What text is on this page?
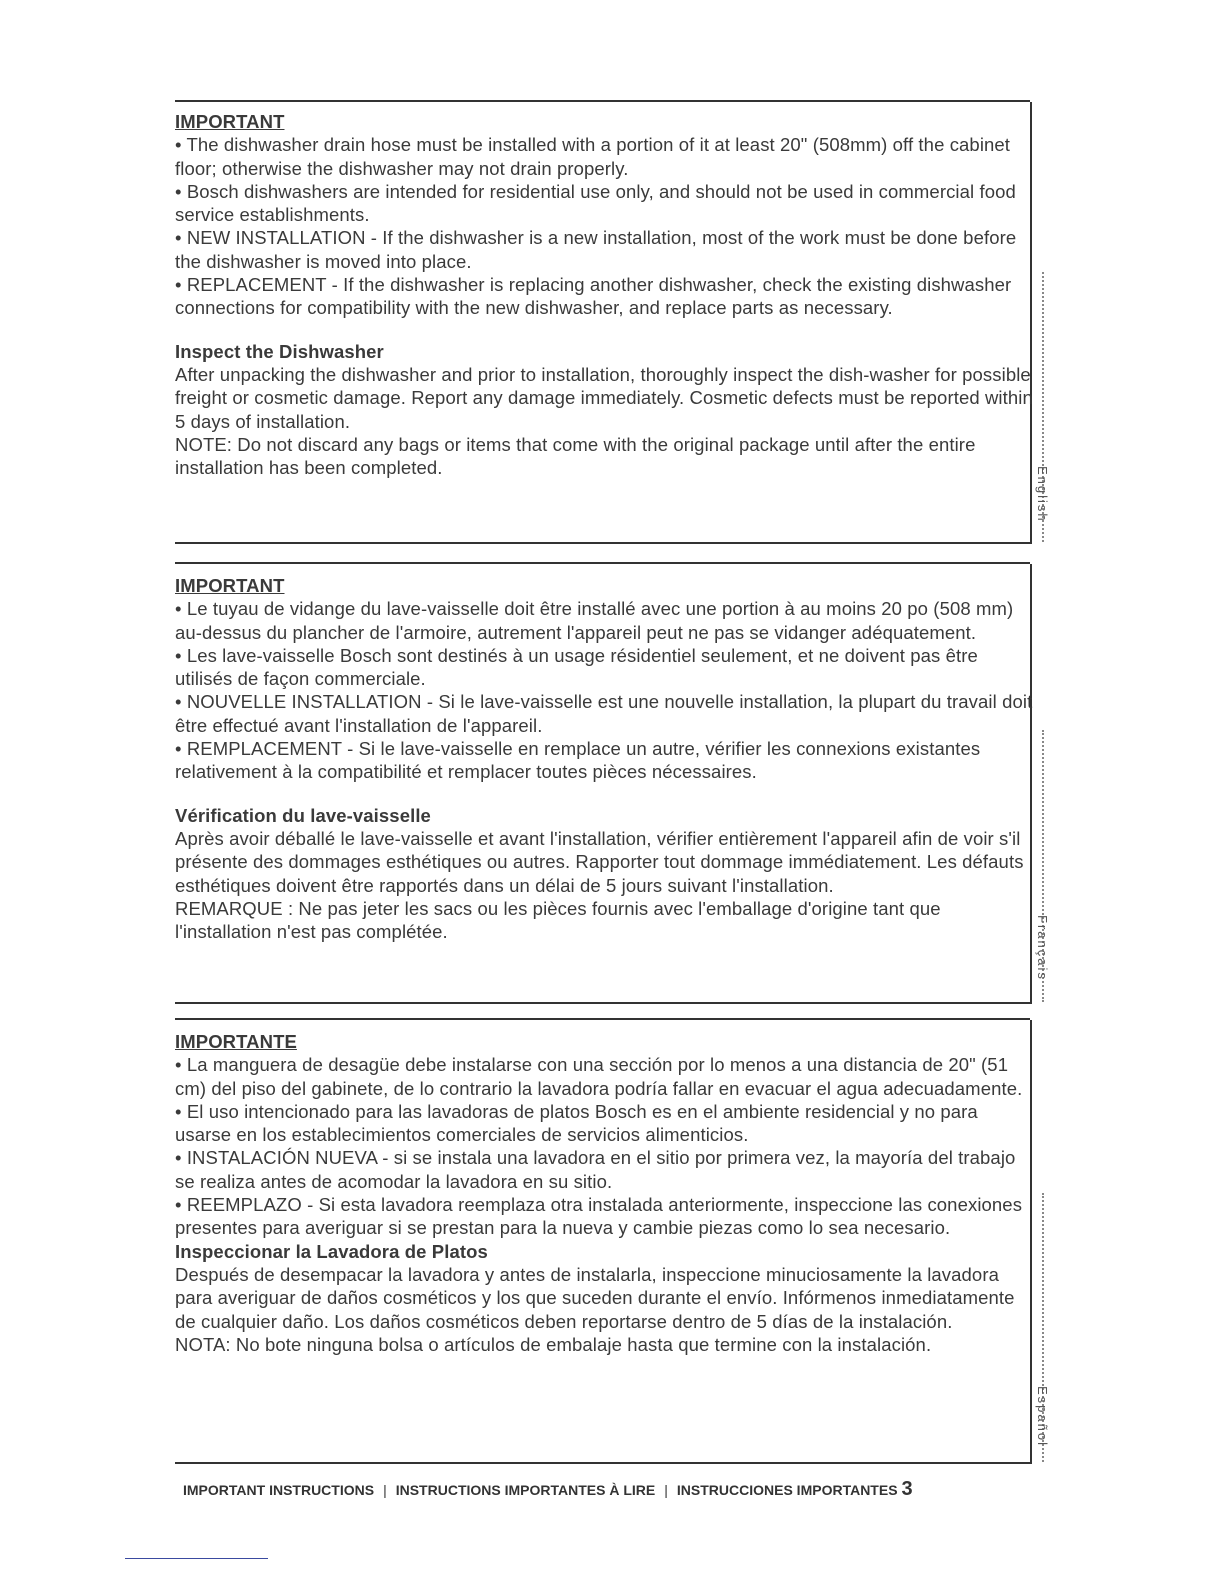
English

IMPORTANT

• The dishwasher drain hose must be installed with a portion of it at least 20" (508mm) off the cabinet floor; otherwise the dishwasher may not drain properly.

• Bosch dishwashers are intended for residential use only, and should not be used in commercial food service establishments.

• NEW INSTALLATION - If the dishwasher is a new installation, most of the work must be done before the dishwasher is moved into place.

• REPLACEMENT - If the dishwasher is replacing another dishwasher, check the existing dishwasher connections for compatibility with the new dishwasher, and replace parts as necessary.

Inspect the Dishwasher

After unpacking the dishwasher and prior to installation, thoroughly inspect the dish-washer for possible freight or cosmetic damage. Report any damage immediately. Cosmetic defects must be reported within 5 days of installation.

NOTE: Do not discard any bags or items that come with the original package until after the entire installation has been completed.

Français

IMPORTANT

• Le tuyau de vidange du lave-vaisselle doit être installé avec une portion à au moins 20 po (508 mm) au-dessus du plancher de l'armoire, autrement l'appareil peut ne pas se vidanger adéquatement.

• Les lave-vaisselle Bosch sont destinés à un usage résidentiel seulement, et ne doivent pas être utilisés de façon commerciale.

• NOUVELLE INSTALLATION - Si le lave-vaisselle est une nouvelle installation, la plupart du travail doit être effectué avant l'installation de l'appareil.

• REMPLACEMENT - Si le lave-vaisselle en remplace un autre, vérifier les connexions existantes relativement à la compatibilité et remplacer toutes pièces nécessaires.

Vérification du lave-vaisselle

Après avoir déballé le lave-vaisselle et avant l'installation, vérifier entièrement l'appareil afin de voir s'il présente des dommages esthétiques ou autres. Rapporter tout dommage immédiatement. Les défauts esthétiques doivent être rapportés dans un délai de 5 jours suivant l'installation.

REMARQUE : Ne pas jeter les sacs ou les pièces fournis avec l'emballage d'origine tant que l'installation n'est pas complétée.

Español

IMPORTANTE

• La manguera de desagüe debe instalarse con una sección por lo menos a una distancia de 20" (51 cm) del piso del gabinete, de lo contrario la lavadora podría fallar en evacuar el agua adecuadamente.

• El uso intencionado para las lavadoras de platos Bosch es en el ambiente residencial y no para usarse en los establecimientos comerciales de servicios alimenticios.

• INSTALACIÓN NUEVA - si se instala una lavadora en el sitio por primera vez, la mayoría del trabajo se realiza antes de acomodar la lavadora en su sitio.

• REEMPLAZO - Si esta lavadora reemplaza otra instalada anteriormente, inspeccione las conexiones presentes para averiguar si se prestan para la nueva y cambie piezas como lo sea necesario.

Inspeccionar la Lavadora de Platos

Después de desempacar la lavadora y antes de instalarla, inspeccione minuciosamente la lavadora para averiguar de daños cosméticos y los que suceden durante el envío. Infórmenos inmediatamente de cualquier daño. Los daños cosméticos deben reportarse dentro de 5 días de la instalación.

NOTA: No bote ninguna bolsa o artículos de embalaje hasta que termine con la instalación.

IMPORTANT INSTRUCTIONS | INSTRUCTIONS IMPORTANTES À LIRE | INSTRUCCIONES IMPORTANTES 3
